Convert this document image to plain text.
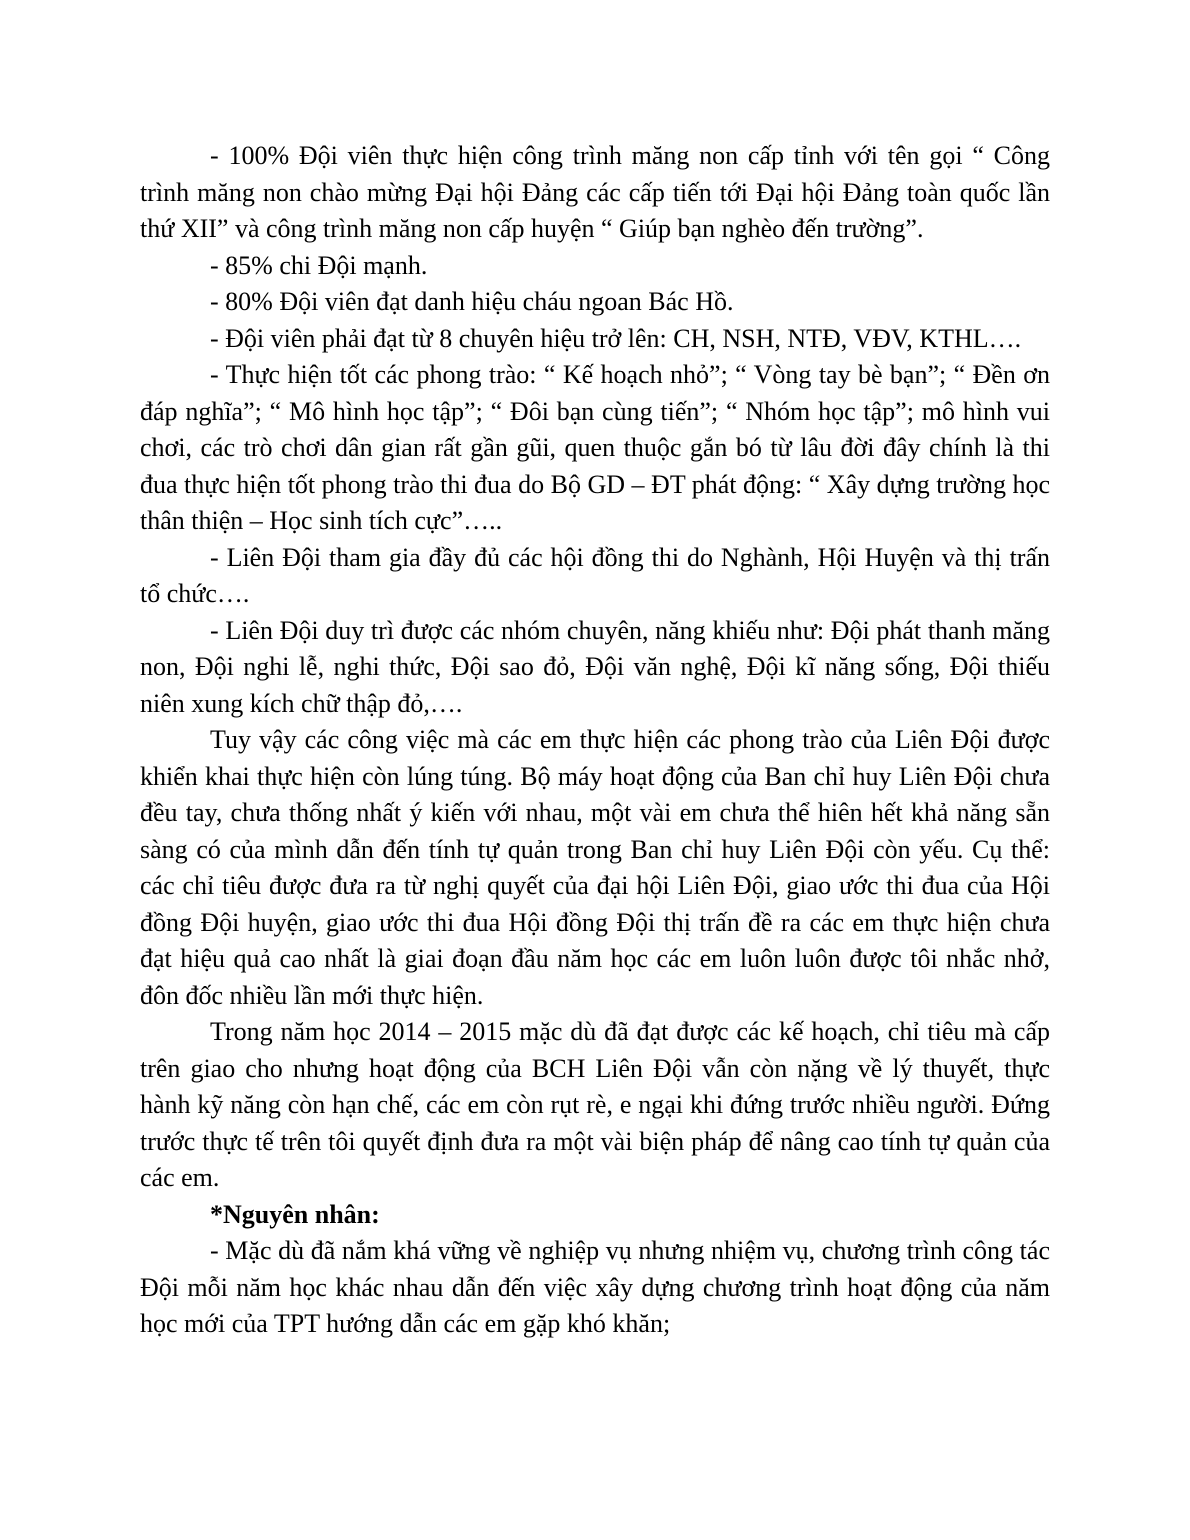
- 100% Đội viên thực hiện công trình măng non cấp tỉnh với tên gọi “ Công trình măng non chào mừng Đại hội Đảng các cấp tiến tới Đại hội Đảng toàn quốc lần thứ XII” và công trình măng non cấp huyện “ Giúp bạn nghèo đến trường”.

- 85% chi Đội mạnh.

- 80% Đội viên đạt danh hiệu cháu ngoan Bác Hồ.

- Đội viên phải đạt từ 8 chuyên hiệu trở lên: CH, NSH, NTĐ, VĐV, KTHL….

- Thực hiện tốt các phong trào: “ Kế hoạch nhỏ”; “ Vòng tay bè bạn”; “ Đền ơn đáp nghĩa”; “ Mô hình học tập”; “ Đôi bạn cùng tiến”; “ Nhóm học tập”; mô hình vui chơi, các trò chơi dân gian rất gần gũi, quen thuộc gắn bó từ lâu đời đây chính là thi đua thực hiện tốt phong trào thi đua do Bộ GD – ĐT phát động: “ Xây dựng trường học thân thiện – Học sinh tích cực”…..

- Liên Đội tham gia đầy đủ các hội đồng thi do Nghành, Hội Huyện và thị trấn tổ chức….

- Liên Đội duy trì được các nhóm chuyên, năng khiếu như: Đội phát thanh măng non, Đội nghi lễ, nghi thức, Đội sao đỏ, Đội văn nghệ, Đội kĩ năng sống, Đội thiếu niên xung kích chữ thập đỏ,….

Tuy vậy các công việc mà các em thực hiện các phong trào của Liên Đội được khiển khai thực hiện còn lúng túng. Bộ máy hoạt động của Ban chỉ huy Liên Đội chưa đều tay, chưa thống nhất ý kiến với nhau, một vài em chưa thể hiên hết khả năng sẵn sàng có của mình dẫn đến tính tự quản trong Ban chỉ huy Liên Đội còn yếu. Cụ thể: các chỉ tiêu được đưa ra từ nghị quyết của đại hội Liên Đội, giao ước thi đua của Hội đồng Đội huyện, giao ước thi đua Hội đồng Đội thị trấn đề ra các em thực hiện chưa đạt hiệu quả cao nhất là giai đoạn đầu năm học các em luôn luôn được tôi nhắc nhở, đôn đốc nhiều lần mới thực hiện.

Trong năm học 2014 – 2015 mặc dù đã đạt được các kế hoạch, chỉ tiêu mà cấp trên giao cho nhưng hoạt động của BCH Liên Đội vẫn còn nặng về lý thuyết, thực hành kỹ năng còn hạn chế, các em còn rụt rè, e ngại khi đứng trước nhiều người. Đứng trước thực tế trên tôi quyết định đưa ra một vài biện pháp để nâng cao tính tự quản của các em.

*Nguyên nhân:

- Mặc dù đã nắm khá vững về nghiệp vụ nhưng nhiệm vụ, chương trình công tác Đội mỗi năm học khác nhau dẫn đến việc xây dựng chương trình hoạt động của năm học mới của TPT hướng dẫn các em gặp khó khăn;
